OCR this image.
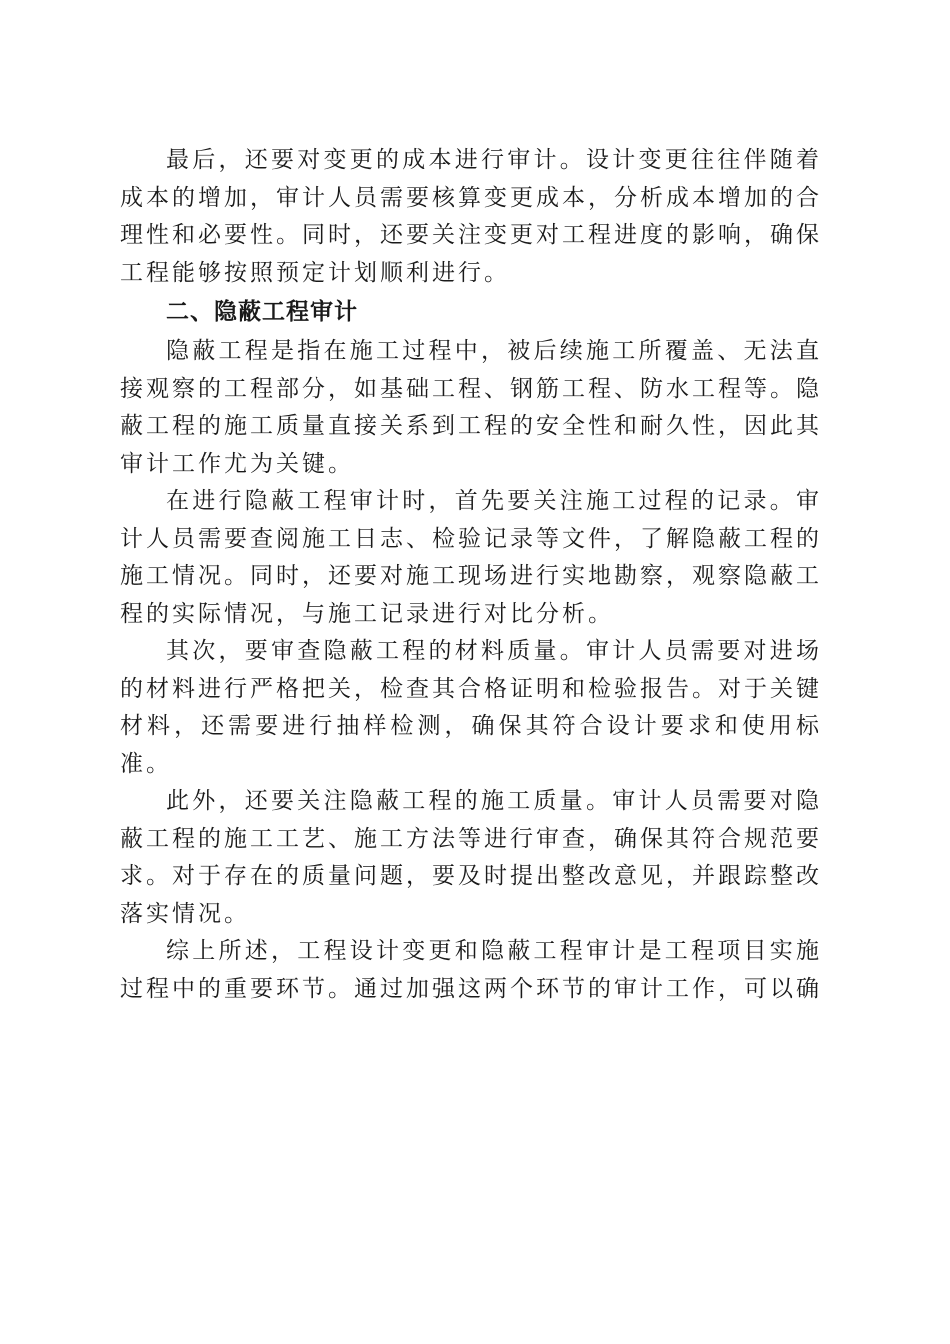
最后，还要对变更的成本进行审计。设计变更往往伴随着成本的增加，审计人员需要核算变更成本，分析成本增加的合理性和必要性。同时，还要关注变更对工程进度的影响，确保工程能够按照预定计划顺利进行。

二、隐蔽工程审计

隐蔽工程是指在施工过程中，被后续施工所覆盖、无法直接观察的工程部分，如基础工程、钢筋工程、防水工程等。隐蔽工程的施工质量直接关系到工程的安全性和耐久性，因此其审计工作尤为关键。

在进行隐蔽工程审计时，首先要关注施工过程的记录。审计人员需要查阅施工日志、检验记录等文件，了解隐蔽工程的施工情况。同时，还要对施工现场进行实地勘察，观察隐蔽工程的实际情况，与施工记录进行对比分析。

其次，要审查隐蔽工程的材料质量。审计人员需要对进场的材料进行严格把关，检查其合格证明和检验报告。对于关键材料，还需要进行抽样检测，确保其符合设计要求和使用标准。

此外，还要关注隐蔽工程的施工质量。审计人员需要对隐蔽工程的施工工艺、施工方法等进行审查，确保其符合规范要求。对于存在的质量问题，要及时提出整改意见，并跟踪整改落实情况。

综上所述，工程设计变更和隐蔽工程审计是工程项目实施过程中的重要环节。通过加强这两个环节的审计工作，可以确
